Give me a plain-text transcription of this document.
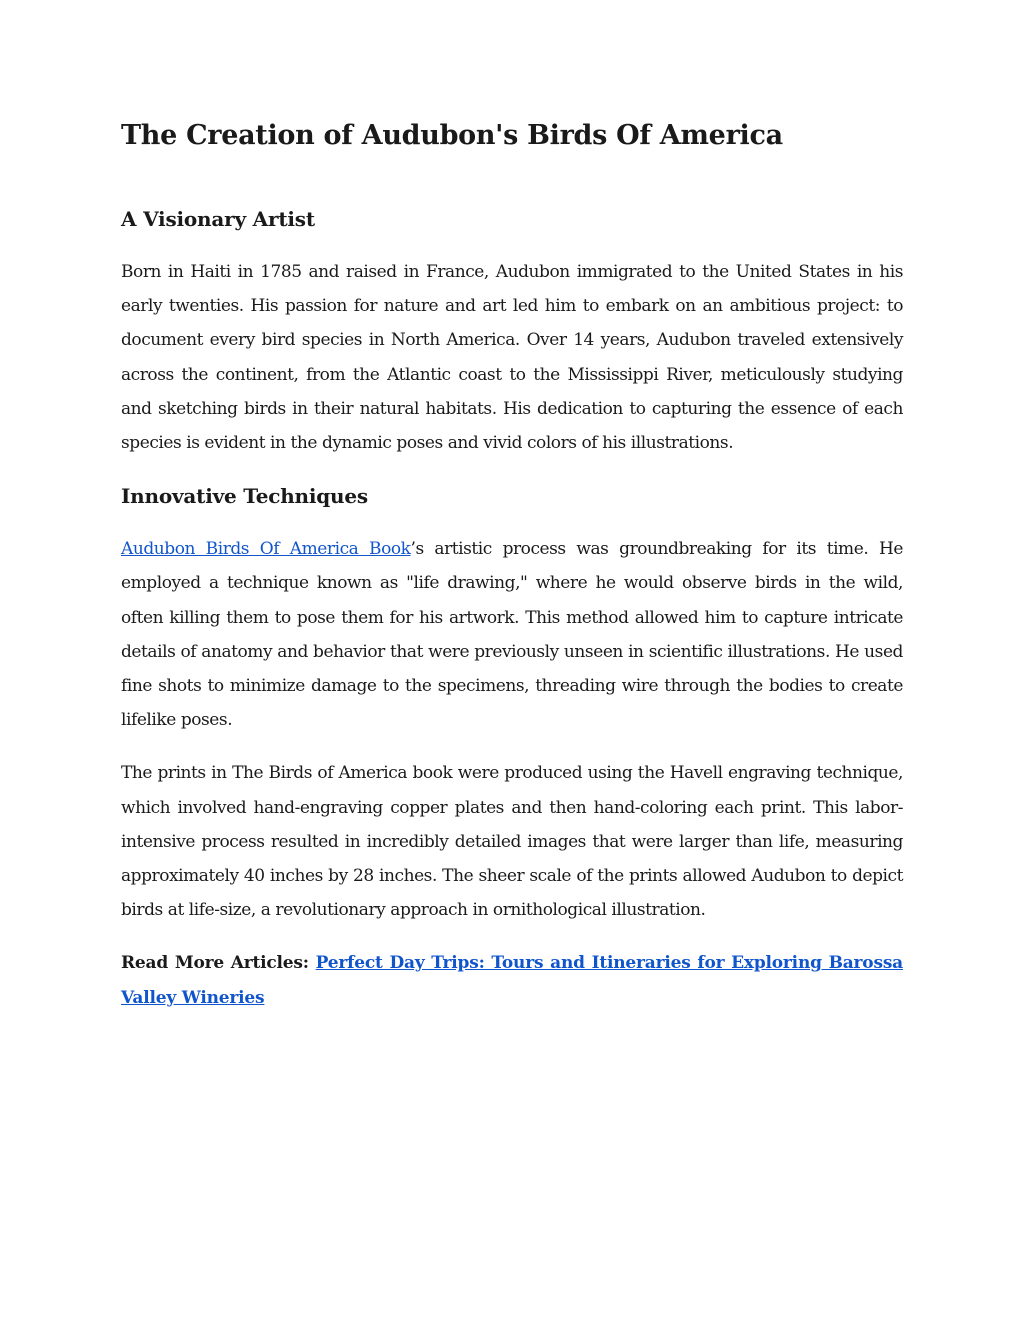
The Creation of Audubon's Birds Of America
A Visionary Artist

Born in Haiti in 1785 and raised in France, Audubon immigrated to the United States in his early twenties. His passion for nature and art led him to embark on an ambitious project: to document every bird species in North America. Over 14 years, Audubon traveled extensively across the continent, from the Atlantic coast to the Mississippi River, meticulously studying and sketching birds in their natural habitats. His dedication to capturing the essence of each species is evident in the dynamic poses and vivid colors of his illustrations.

Innovative Techniques

Audubon Birds Of America Book’s artistic process was groundbreaking for its time. He employed a technique known as "life drawing," where he would observe birds in the wild, often killing them to pose them for his artwork. This method allowed him to capture intricate details of anatomy and behavior that were previously unseen in scientific illustrations. He used fine shots to minimize damage to the specimens, threading wire through the bodies to create lifelike poses.

The prints in The Birds of America book were produced using the Havell engraving technique, which involved hand-engraving copper plates and then hand-coloring each print. This labor-intensive process resulted in incredibly detailed images that were larger than life, measuring approximately 40 inches by 28 inches. The sheer scale of the prints allowed Audubon to depict birds at life-size, a revolutionary approach in ornithological illustration.

Read More Articles: Perfect Day Trips: Tours and Itineraries for Exploring Barossa Valley Wineries
